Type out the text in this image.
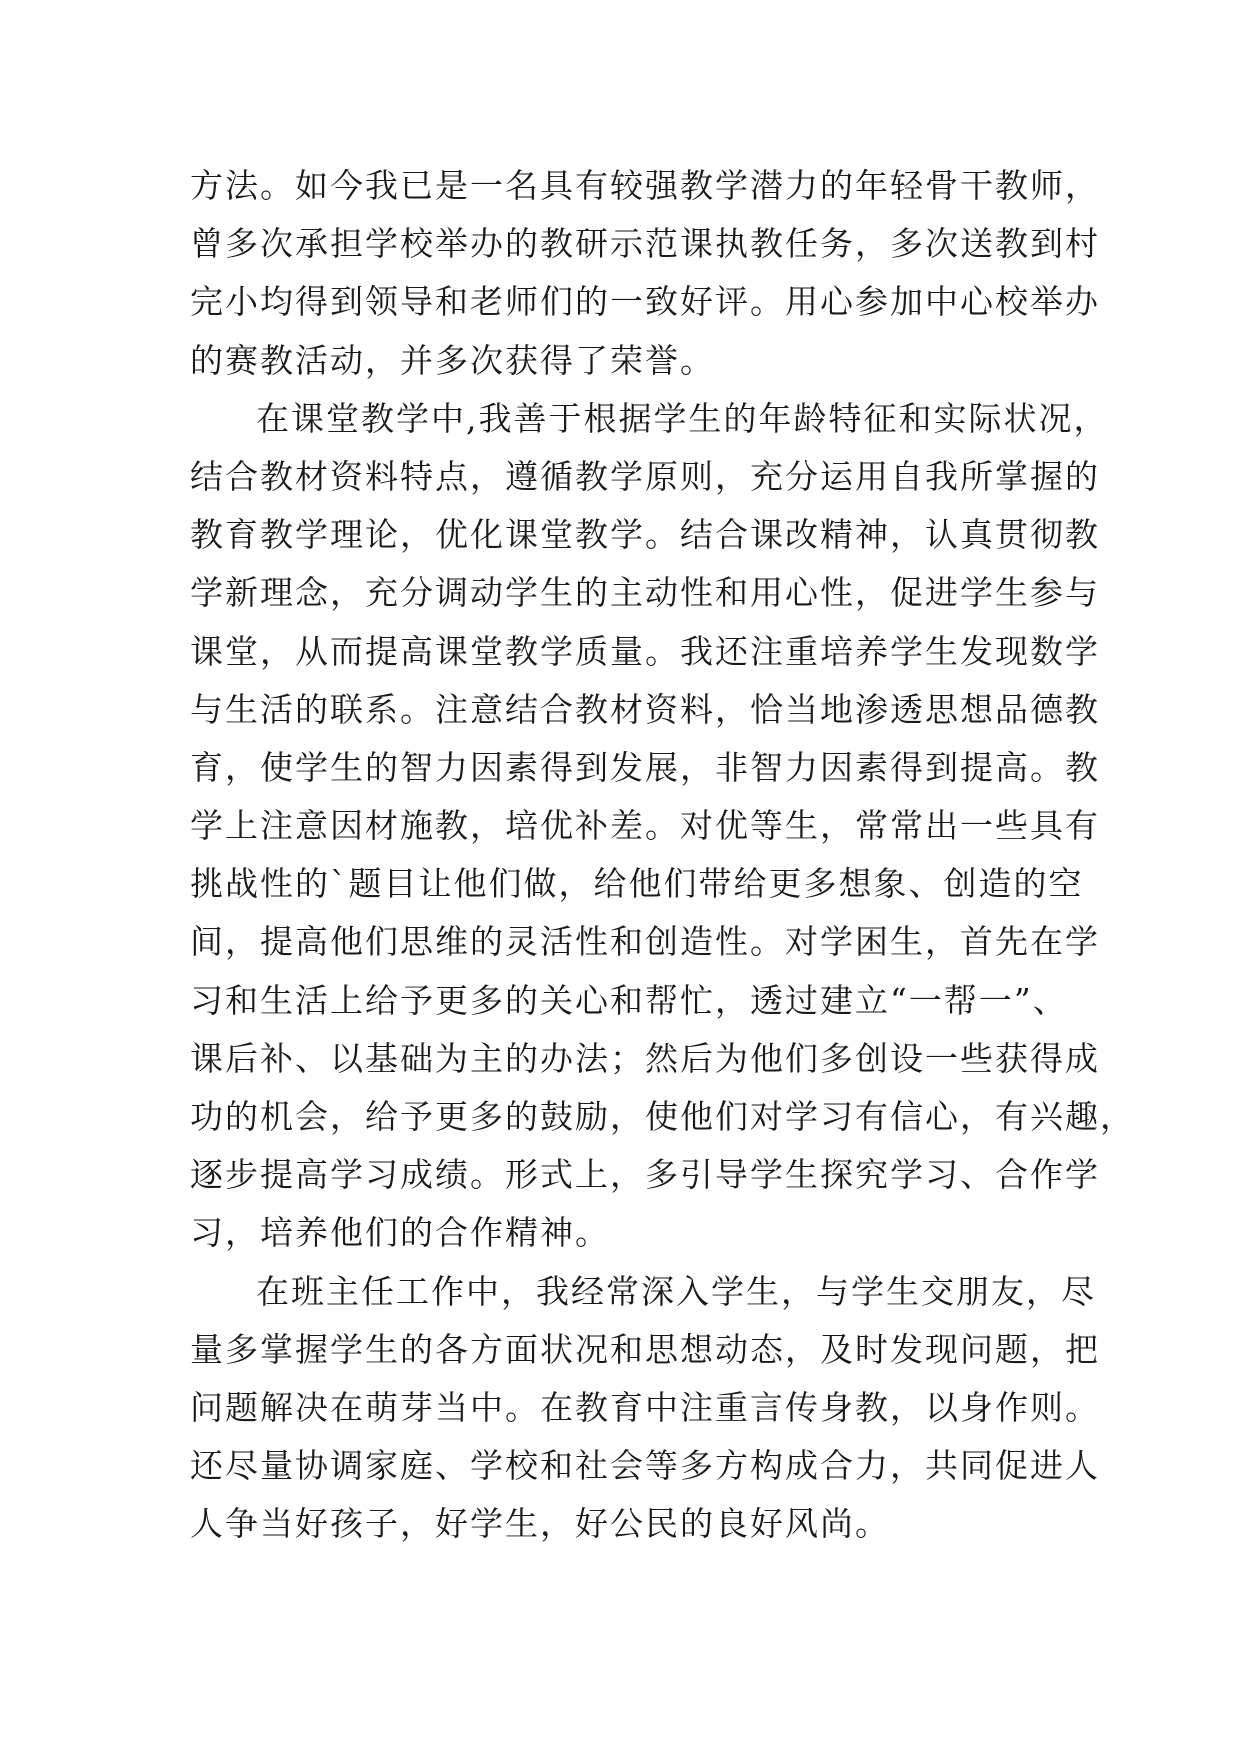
方法。如今我已是一名具有较强教学潜力的年轻骨干教师，
曾多次承担学校举办的教研示范课执教任务，多次送教到村
完小均得到领导和老师们的一致好评。用心参加中心校举办
的赛教活动，并多次获得了荣誉。
在课堂教学中,我善于根据学生的年龄特征和实际状况，
结合教材资料特点，遵循教学原则，充分运用自我所掌握的
教育教学理论，优化课堂教学。结合课改精神，认真贯彻教
学新理念，充分调动学生的主动性和用心性，促进学生参与
课堂，从而提高课堂教学质量。我还注重培养学生发现数学
与生活的联系。注意结合教材资料，恰当地渗透思想品德教
育，使学生的智力因素得到发展，非智力因素得到提高。教
学上注意因材施教，培优补差。对优等生，常常出一些具有
挑战性的`题目让他们做，给他们带给更多想象、创造的空
间，提高他们思维的灵活性和创造性。对学困生，首先在学
习和生活上给予更多的关心和帮忙，透过建立“一帮一”、
课后补、以基础为主的办法；然后为他们多创设一些获得成
功的机会，给予更多的鼓励，使他们对学习有信心，有兴趣，
逐步提高学习成绩。形式上，多引导学生探究学习、合作学
习，培养他们的合作精神。
在班主任工作中，我经常深入学生，与学生交朋友，尽
量多掌握学生的各方面状况和思想动态，及时发现问题，把
问题解决在萌芽当中。在教育中注重言传身教，以身作则。
还尽量协调家庭、学校和社会等多方构成合力，共同促进人
人争当好孩子，好学生，好公民的良好风尚。
